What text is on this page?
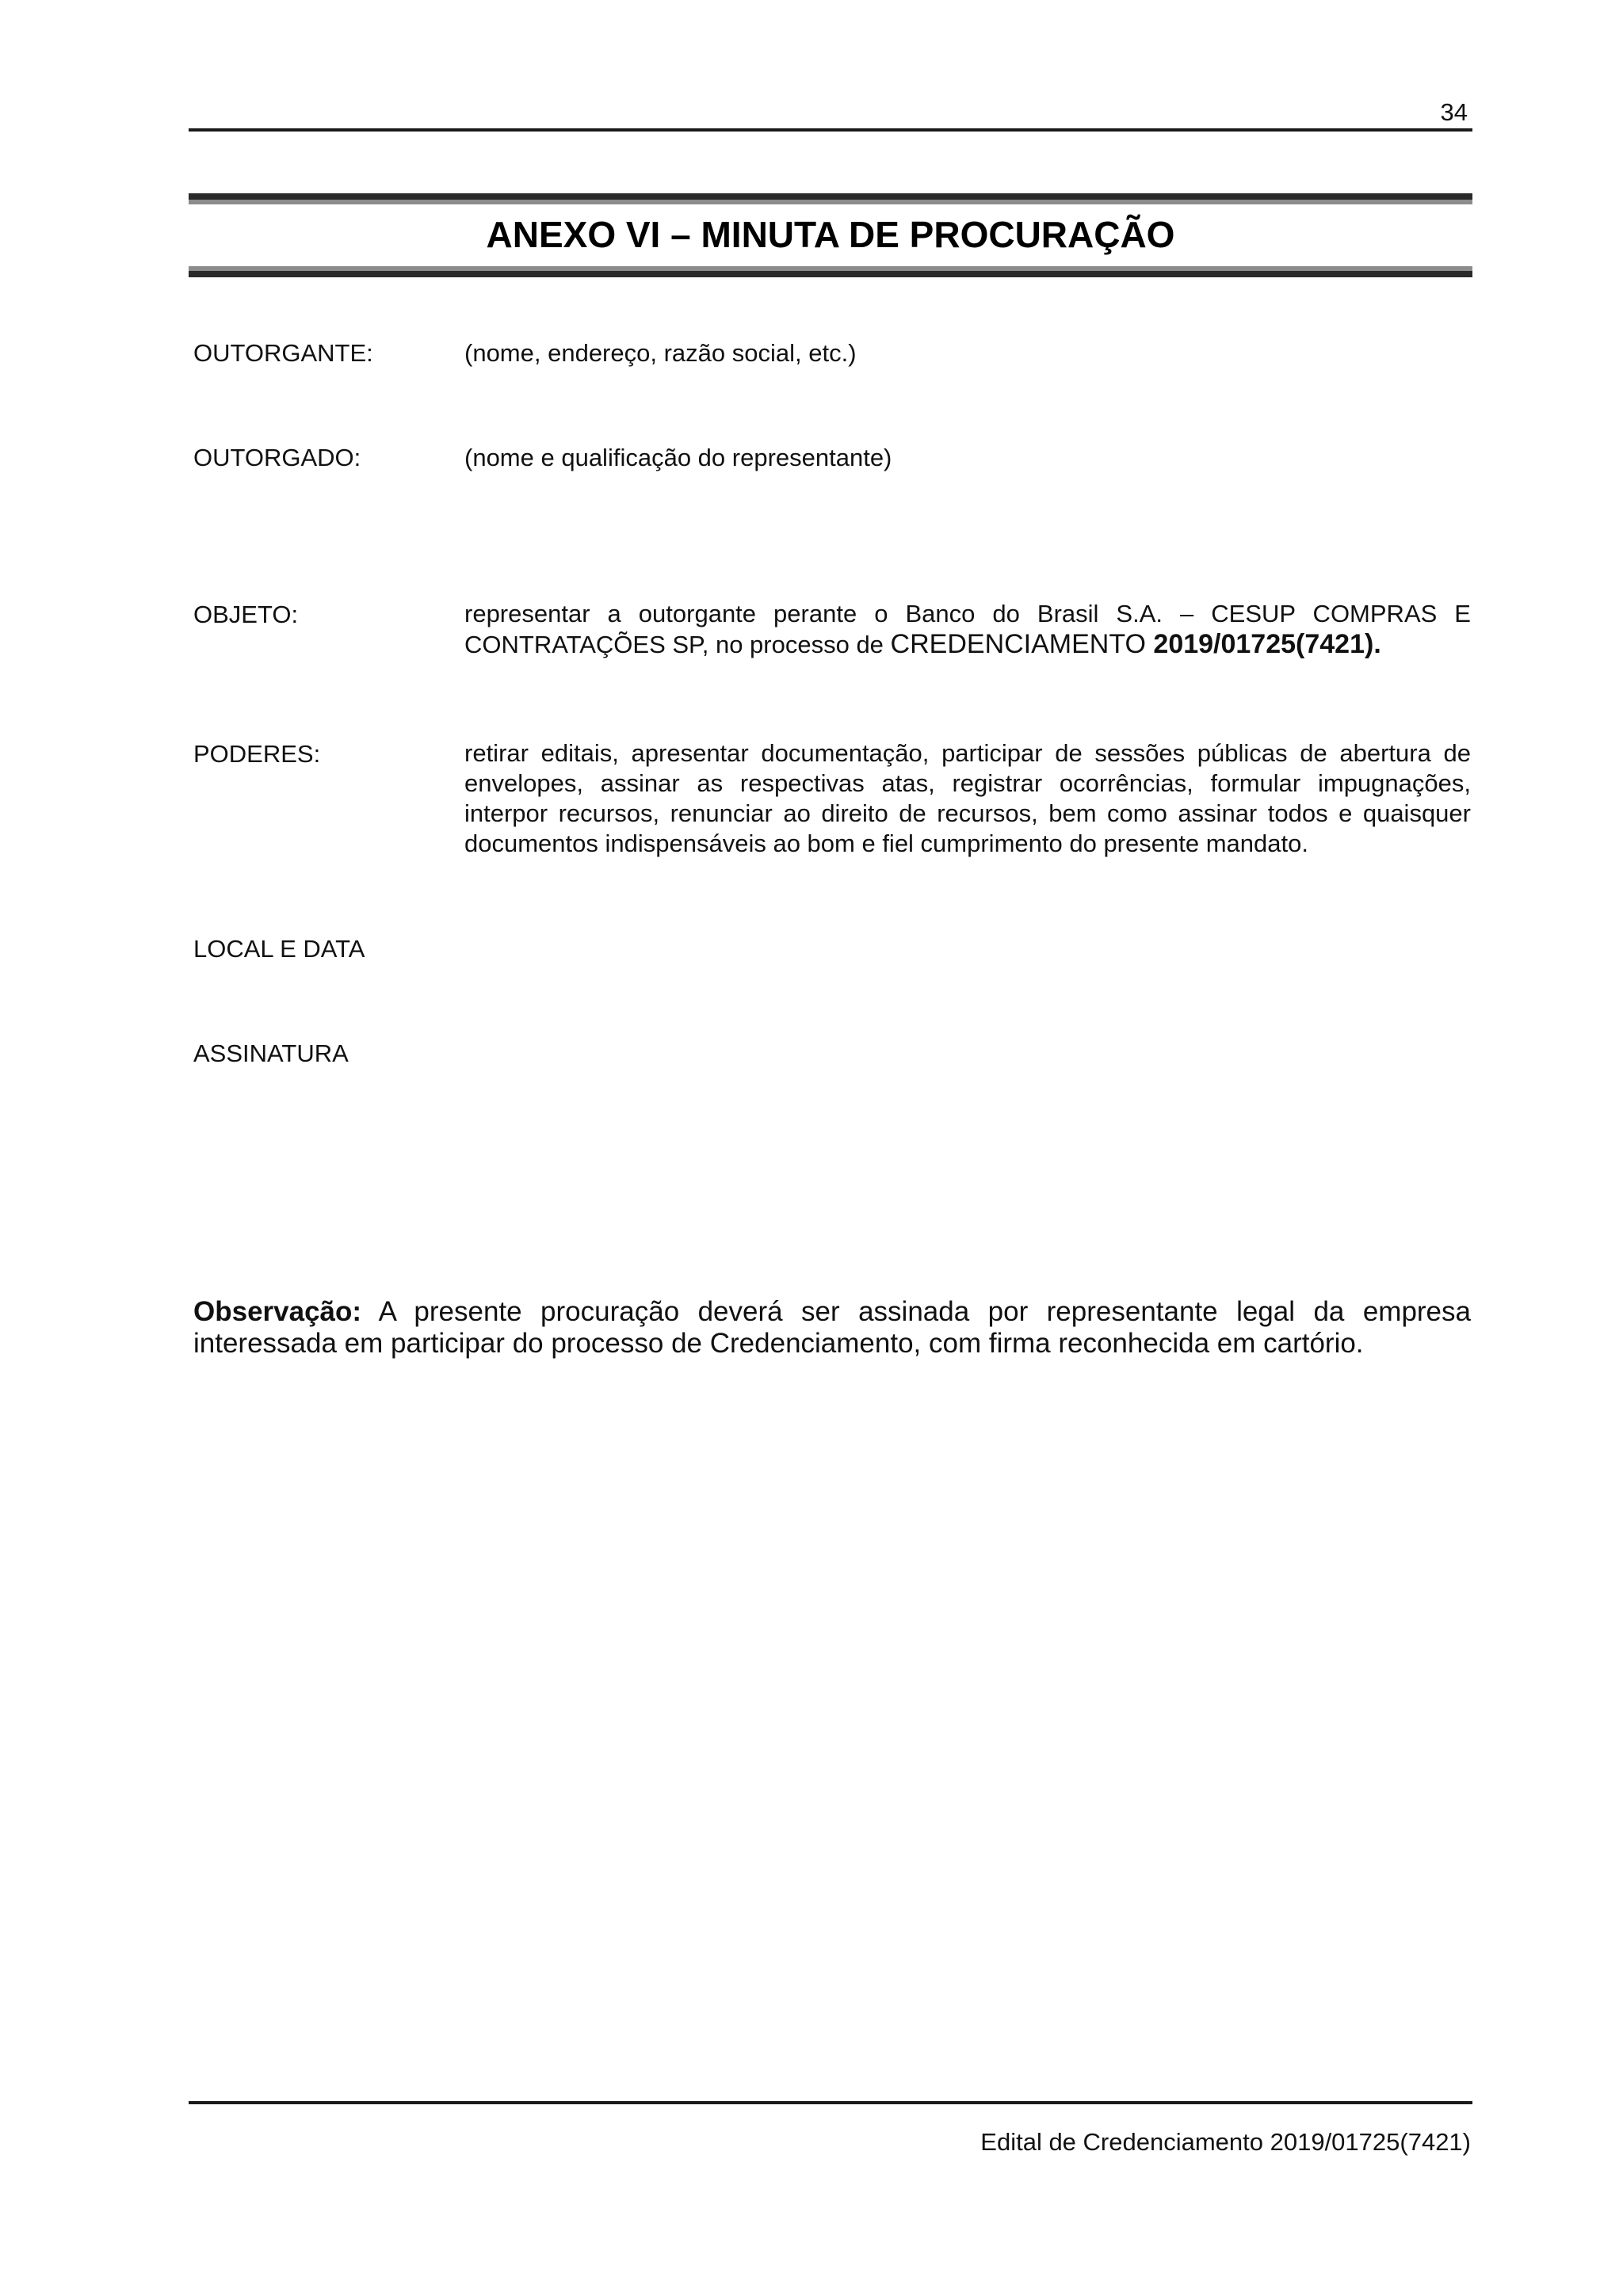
34
ANEXO VI – MINUTA DE PROCURAÇÃO
OUTORGANTE:	(nome, endereço, razão social, etc.)
OUTORGADO:	(nome e qualificação do representante)
OBJETO:	representar a outorgante perante o Banco do Brasil S.A. – CESUP COMPRAS E CONTRATAÇÕES SP, no processo de CREDENCIAMENTO 2019/01725(7421).
PODERES:	retirar editais, apresentar documentação, participar de sessões públicas de abertura de envelopes, assinar as respectivas atas, registrar ocorrências, formular impugnações, interpor recursos, renunciar ao direito de recursos, bem como assinar todos e quaisquer documentos indispensáveis ao bom e fiel cumprimento do presente mandato.
LOCAL E DATA
ASSINATURA
Observação: A presente procuração deverá ser assinada por representante legal da empresa interessada em participar do processo de Credenciamento, com firma reconhecida em cartório.
Edital de Credenciamento 2019/01725(7421)
